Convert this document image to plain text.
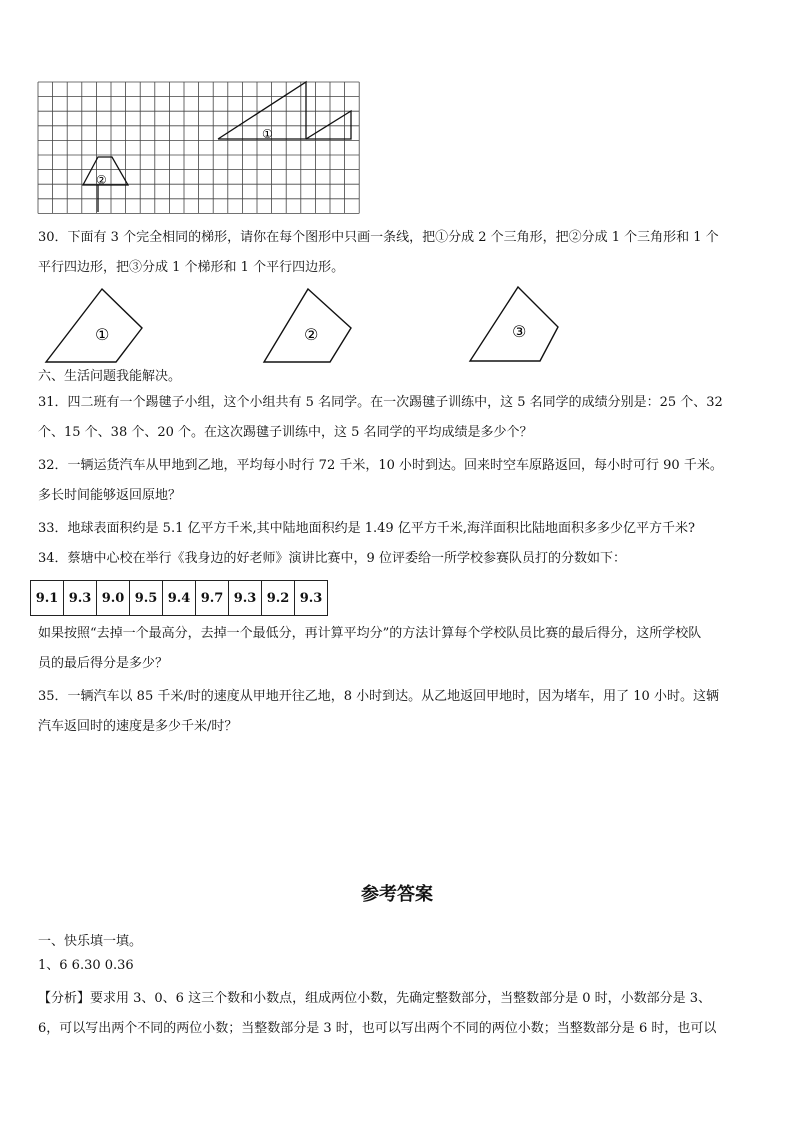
①
②
30．下面有 3 个完全相同的梯形，请你在每个图形中只画一条线，把①分成 2 个三角形，把②分成 1 个三角形和 1 个
平行四边形，把③分成 1 个梯形和 1 个平行四边形。
①	②	③
六、生活问题我能解决。
31．四二班有一个踢毽子小组，这个小组共有 5 名同学。在一次踢毽子训练中，这 5 名同学的成绩分别是：25 个、32
个、15 个、38 个、20 个。在这次踢毽子训练中，这 5 名同学的平均成绩是多少个？
32．一辆运货汽车从甲地到乙地，平均每小时行 72 千米，10 小时到达。回来时空车原路返回，每小时可行 90 千米。
多长时间能够返回原地？
33．地球表面积约是 5.1 亿平方千米,其中陆地面积约是 1.49 亿平方千米,海洋面积比陆地面积多多少亿平方千米?
34．蔡塘中心校在举行《我身边的好老师》演讲比赛中，9 位评委给一所学校参赛队员打的分数如下：
9.1	9.3	9.0	9.5	9.4	9.7	9.3	9.2	9.3
如果按照“去掉一个最高分，去掉一个最低分，再计算平均分”的方法计算每个学校队员比赛的最后得分，这所学校队
员的最后得分是多少？
35．一辆汽车以 85 千米/时的速度从甲地开往乙地，8 小时到达。从乙地返回甲地时，因为堵车，用了 10 小时。这辆
汽车返回时的速度是多少千米/时？
参考答案
一、快乐填一填。
1、6 6.30 0.36
【分析】要求用 3、0、6 这三个数和小数点，组成两位小数，先确定整数部分，当整数部分是 0 时，小数部分是 3、
6，可以写出两个不同的两位小数；当整数部分是 3 时，也可以写出两个不同的两位小数；当整数部分是 6 时，也可以
